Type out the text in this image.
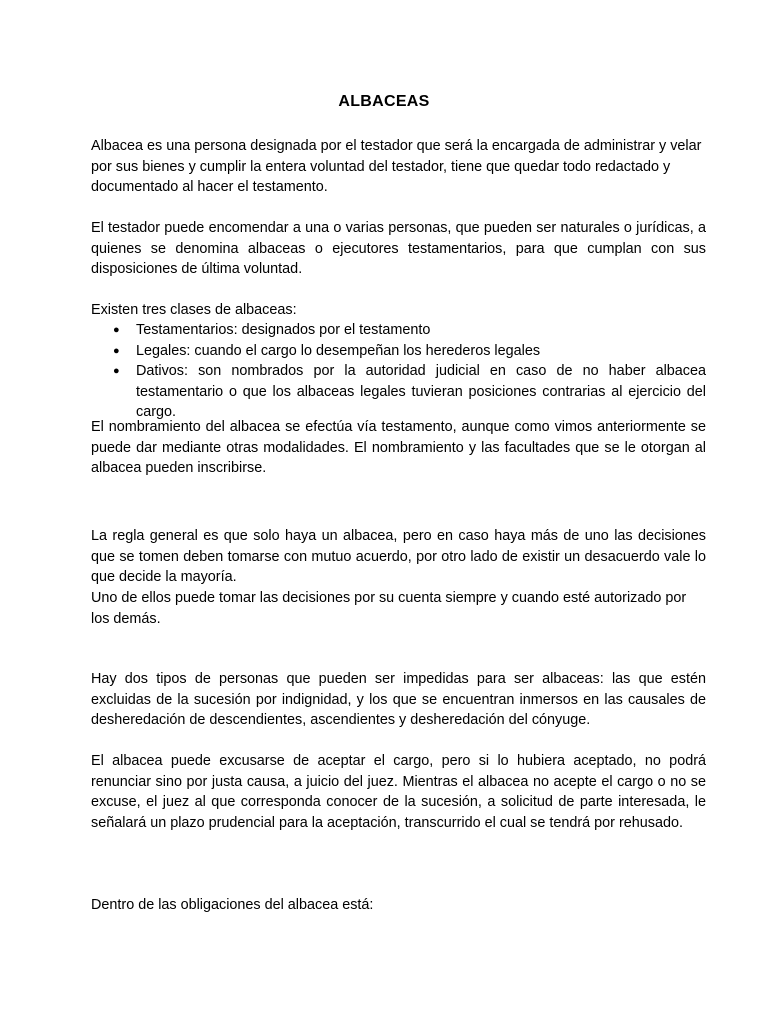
ALBACEAS
Albacea es una persona designada por el testador que será la encargada de administrar y velar por sus bienes y cumplir la entera voluntad del testador, tiene que quedar todo redactado y documentado al hacer el testamento.
El testador puede encomendar a una o varias personas, que pueden ser naturales o jurídicas, a quienes se denomina albaceas o ejecutores testamentarios, para que cumplan con sus disposiciones de última voluntad.
Existen tres clases de albaceas:
● Testamentarios: designados por el testamento
● Legales: cuando el cargo lo desempeñan los herederos legales
● Dativos: son nombrados por la autoridad judicial en caso de no haber albacea testamentario o que los albaceas legales tuvieran posiciones contrarias al ejercicio del cargo.
El nombramiento del albacea se efectúa vía testamento, aunque como vimos anteriormente se puede dar mediante otras modalidades. El nombramiento y las facultades que se le otorgan al albacea pueden inscribirse.
La regla general es que solo haya un albacea, pero en caso haya más de uno las decisiones que se tomen deben tomarse con mutuo acuerdo, por otro lado de existir un desacuerdo vale lo que decide la mayoría.
Uno de ellos puede tomar las decisiones por su cuenta siempre y cuando esté autorizado por los demás.
Hay dos tipos de personas que pueden ser impedidas para ser albaceas: las que estén excluidas de la sucesión por indignidad, y los que se encuentran inmersos en las causales de desheredación de descendientes, ascendientes y desheredación del cónyuge.
El albacea puede excusarse de aceptar el cargo, pero si lo hubiera aceptado, no podrá renunciar sino por justa causa, a juicio del juez. Mientras el albacea no acepte el cargo o no se excuse, el juez al que corresponda conocer de la sucesión, a solicitud de parte interesada, le señalará un plazo prudencial para la aceptación, transcurrido el cual se tendrá por rehusado.
Dentro de las obligaciones del albacea está:
